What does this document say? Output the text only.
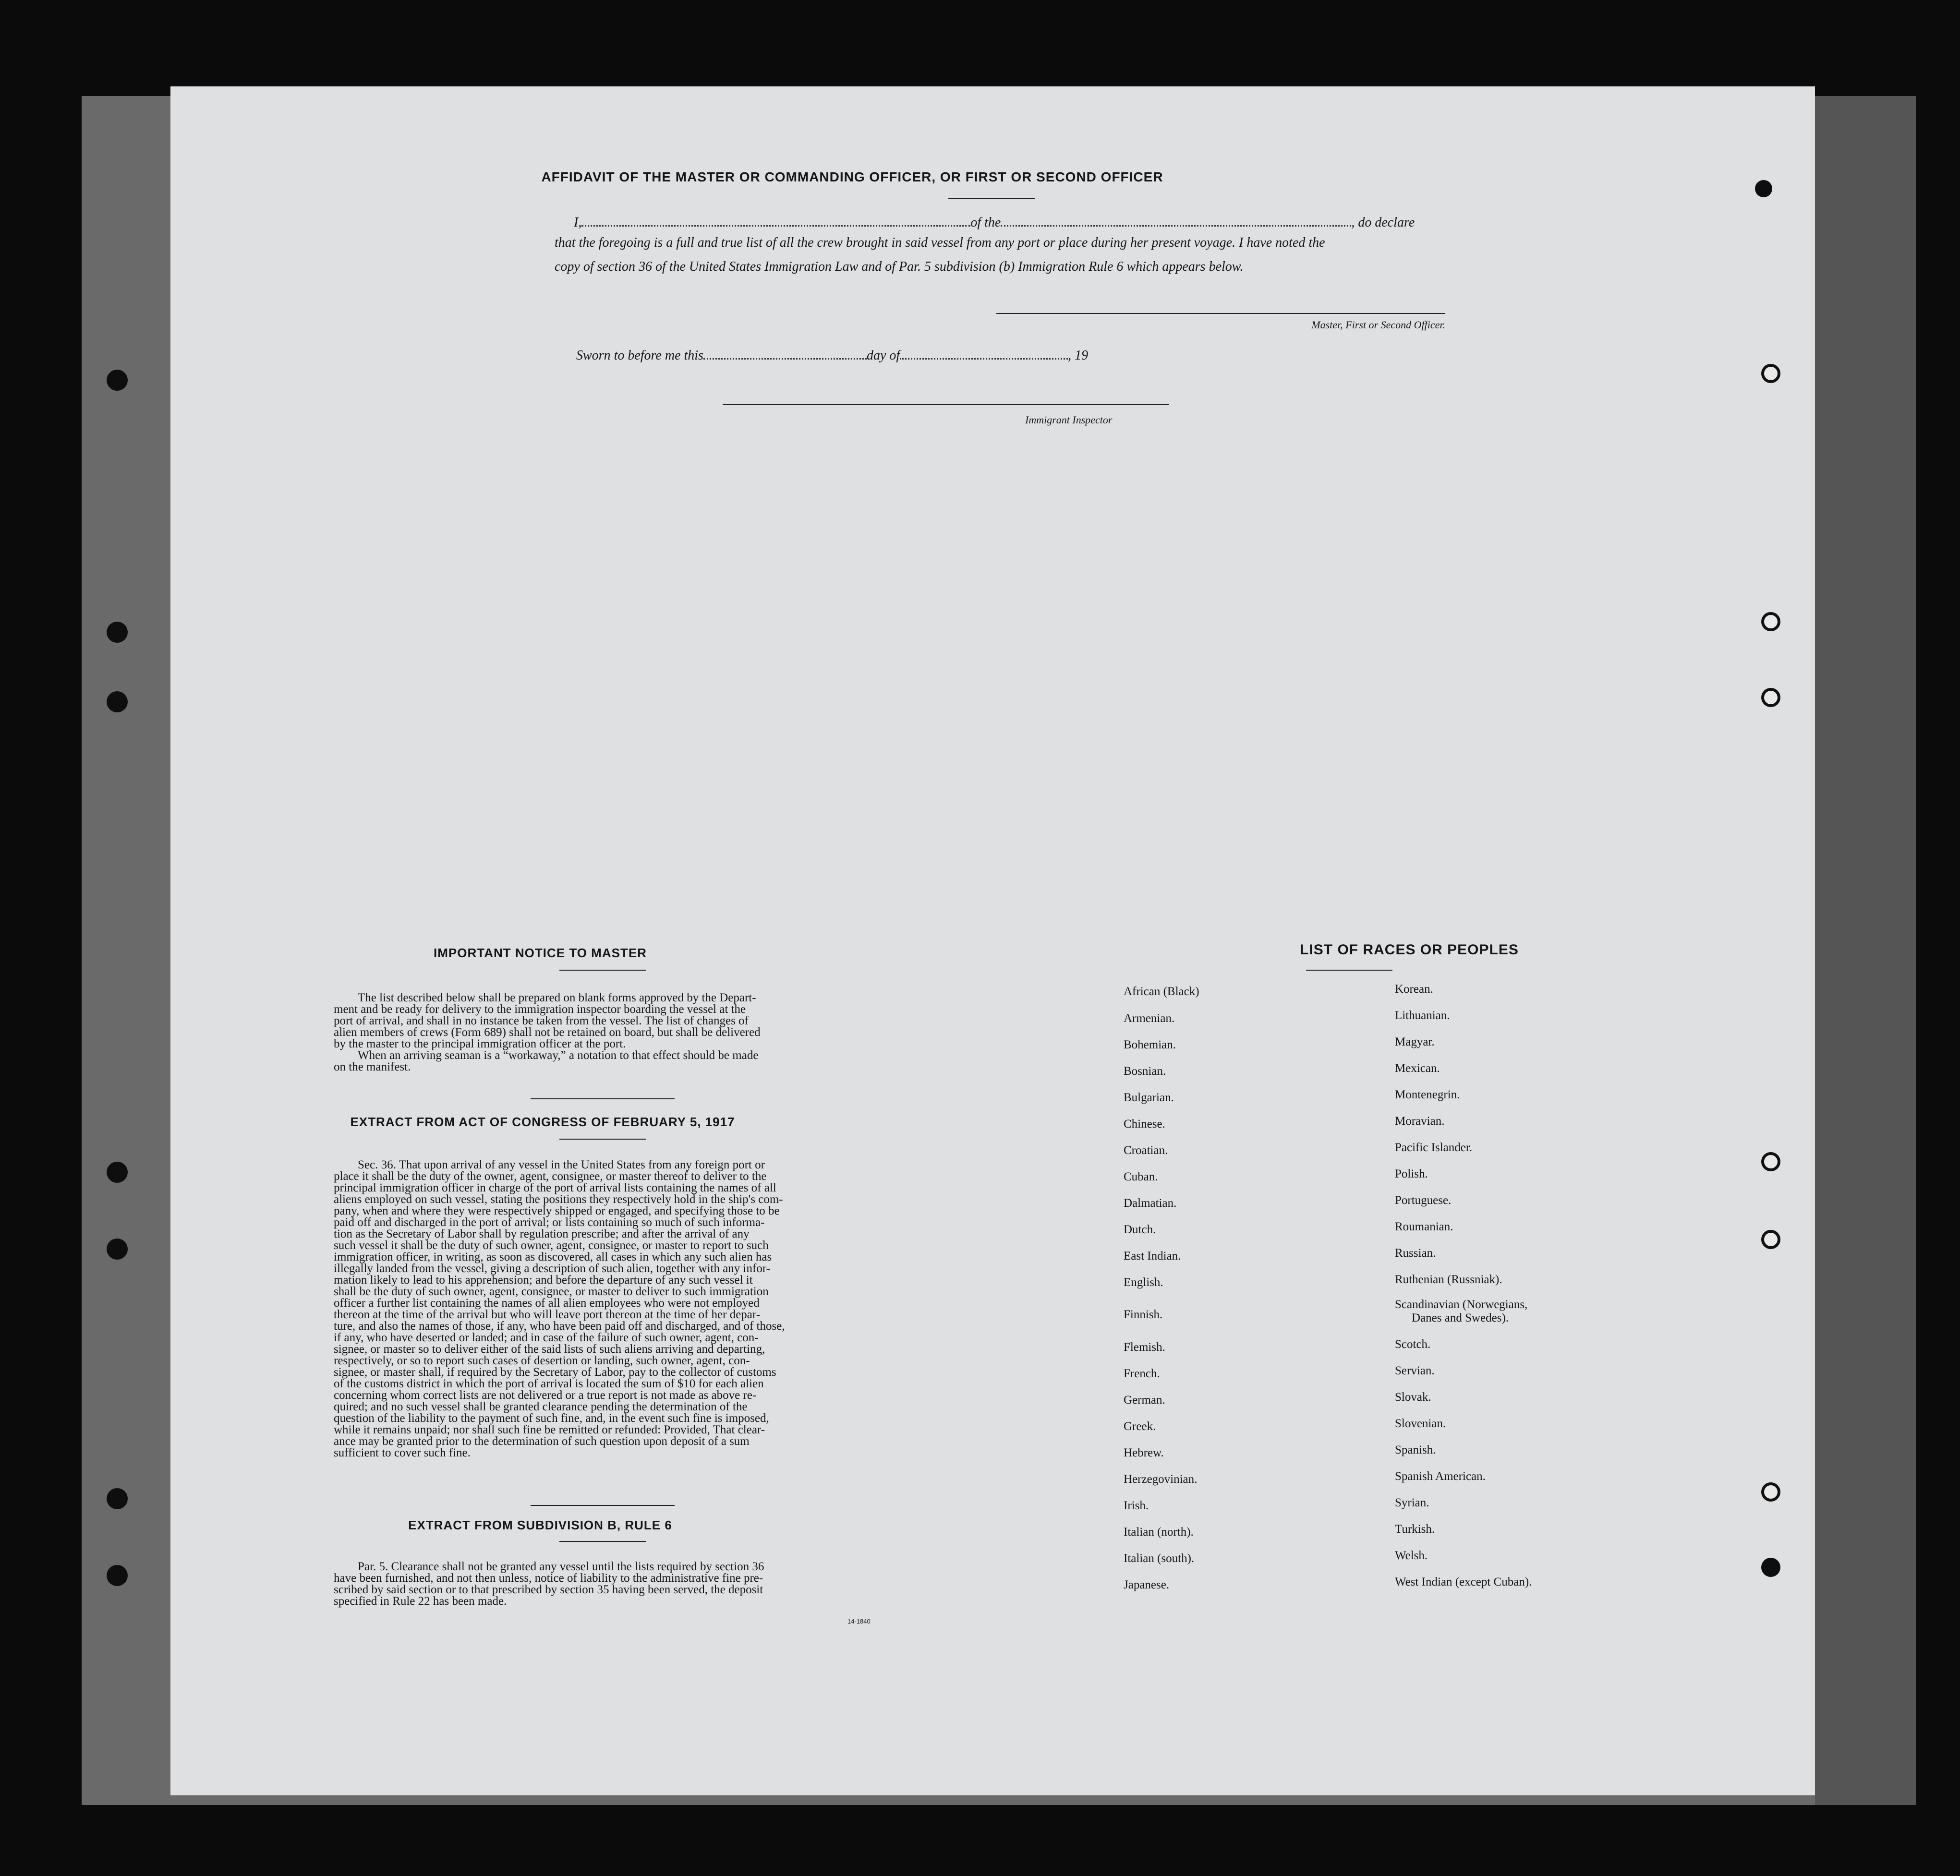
AFFIDAVIT OF THE MASTER OR COMMANDING OFFICER, OR FIRST OR SECOND OFFICER
I,	of the	, do declare
that the foregoing is a full and true list of all the crew brought in said vessel from any port or place during her present voyage. I have noted the
copy of section 36 of the United States Immigration Law and of Par. 5 subdivision (b) Immigration Rule 6 which appears below.
Master, First or Second Officer.
Sworn to before me this	day of	, 19
Immigrant Inspector
IMPORTANT NOTICE TO MASTER
The list described below shall be prepared on blank forms approved by the Depart-
ment and be ready for delivery to the immigration inspector boarding the vessel at the
port of arrival, and shall in no instance be taken from the vessel. The list of changes of
alien members of crews (Form 689) shall not be retained on board, but shall be delivered
by the master to the principal immigration officer at the port.
When an arriving seaman is a “workaway,” a notation to that effect should be made
on the manifest.
EXTRACT FROM ACT OF CONGRESS OF FEBRUARY 5, 1917
Sec. 36. That upon arrival of any vessel in the United States from any foreign port or
place it shall be the duty of the owner, agent, consignee, or master thereof to deliver to the
principal immigration officer in charge of the port of arrival lists containing the names of all
aliens employed on such vessel, stating the positions they respectively hold in the ship's com-
pany, when and where they were respectively shipped or engaged, and specifying those to be
paid off and discharged in the port of arrival; or lists containing so much of such informa-
tion as the Secretary of Labor shall by regulation prescribe; and after the arrival of any
such vessel it shall be the duty of such owner, agent, consignee, or master to report to such
immigration officer, in writing, as soon as discovered, all cases in which any such alien has
illegally landed from the vessel, giving a description of such alien, together with any infor-
mation likely to lead to his apprehension; and before the departure of any such vessel it
shall be the duty of such owner, agent, consignee, or master to deliver to such immigration
officer a further list containing the names of all alien employees who were not employed
thereon at the time of the arrival but who will leave port thereon at the time of her depar-
ture, and also the names of those, if any, who have been paid off and discharged, and of those,
if any, who have deserted or landed; and in case of the failure of such owner, agent, con-
signee, or master so to deliver either of the said lists of such aliens arriving and departing,
respectively, or so to report such cases of desertion or landing, such owner, agent, con-
signee, or master shall, if required by the Secretary of Labor, pay to the collector of customs
of the customs district in which the port of arrival is located the sum of $10 for each alien
concerning whom correct lists are not delivered or a true report is not made as above re-
quired; and no such vessel shall be granted clearance pending the determination of the
question of the liability to the payment of such fine, and, in the event such fine is imposed,
while it remains unpaid; nor shall such fine be remitted or refunded: Provided, That clear-
ance may be granted prior to the determination of such question upon deposit of a sum
sufficient to cover such fine.
EXTRACT FROM SUBDIVISION B, RULE 6
Par. 5. Clearance shall not be granted any vessel until the lists required by section 36
have been furnished, and not then unless, notice of liability to the administrative fine pre-
scribed by said section or to that prescribed by section 35 having been served, the deposit
specified in Rule 22 has been made.
14-1840
LIST OF RACES OR PEOPLES
African (Black)
Armenian.
Bohemian.
Bosnian.
Bulgarian.
Chinese.
Croatian.
Cuban.
Dalmatian.
Dutch.
East Indian.
English.
Finnish.
Flemish.
French.
German.
Greek.
Hebrew.
Herzegovinian.
Irish.
Italian (north).
Italian (south).
Japanese.
Korean.
Lithuanian.
Magyar.
Mexican.
Montenegrin.
Moravian.
Pacific Islander.
Polish.
Portuguese.
Roumanian.
Russian.
Ruthenian (Russniak).
Scandinavian (Norwegians,
Danes and Swedes).
Scotch.
Servian.
Slovak.
Slovenian.
Spanish.
Spanish American.
Syrian.
Turkish.
Welsh.
West Indian (except Cuban).
